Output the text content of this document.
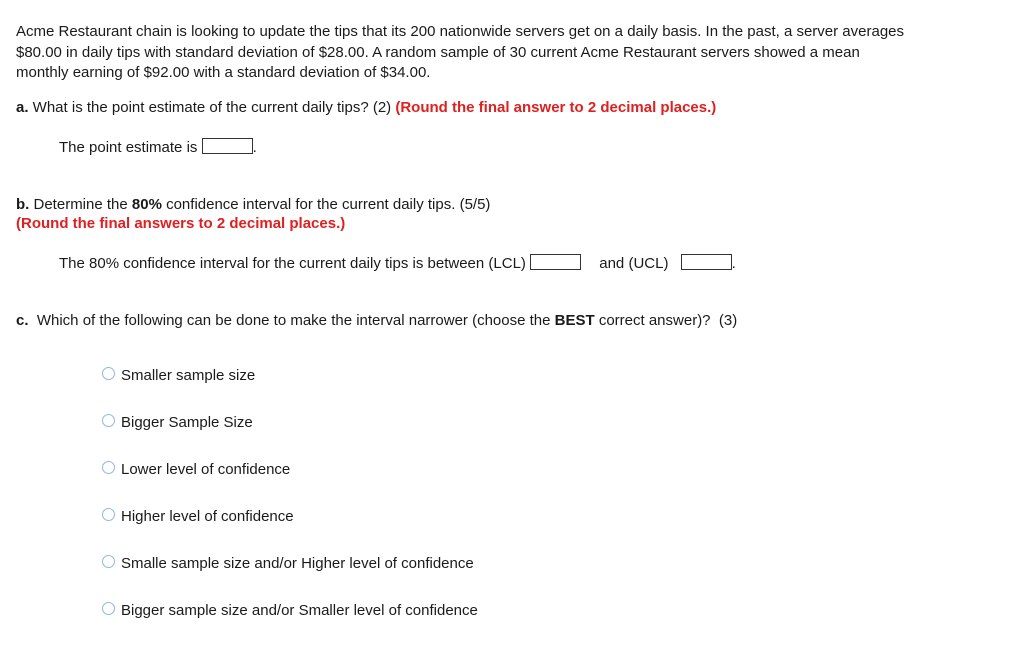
Acme Restaurant chain is looking to update the tips that its 200 nationwide servers get on a daily basis. In the past, a server averages
$80.00 in daily tips with standard deviation of $28.00. A random sample of 30 current Acme Restaurant servers showed a mean
monthly earning of $92.00 with a standard deviation of $34.00.
a. What is the point estimate of the current daily tips? (2) (Round the final answer to 2 decimal places.)
The point estimate is	.
b. Determine the 80% confidence interval for the current daily tips. (5/5)
(Round the final answers to 2 decimal places.)
The 80% confidence interval for the current daily tips is between (LCL)	and (UCL)	.
c.  Which of the following can be done to make the interval narrower (choose the BEST correct answer)?  (3)
Smaller sample size
Bigger Sample Size
Lower level of confidence
Higher level of confidence
Smalle sample size and/or Higher level of confidence
Bigger sample size and/or Smaller level of confidence
